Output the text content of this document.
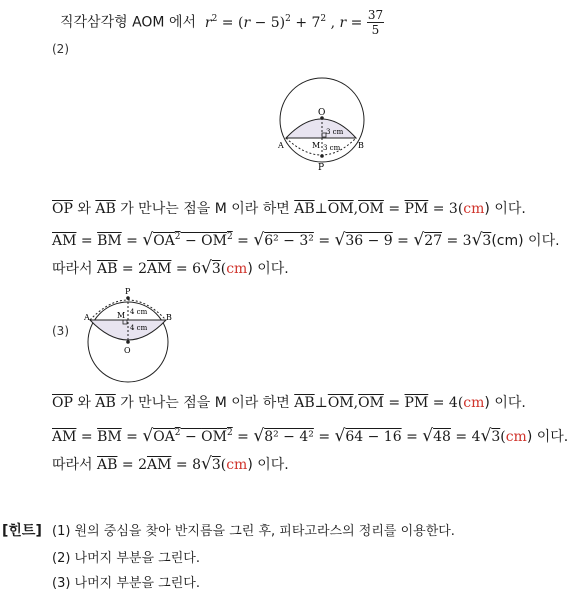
직각삼각형 AOM 에서 $r^2 = (r - 5)^2 + 7^2$ , $r = \frac{37}{5}$
(2)
O
A	B
M
P
3 cm
3 cm
$\overline{OP}$ 와 $\overline{AB}$ 가 만나는 점을 M 이라 하면 $\overline{AB}\perp\overline{OM},\overline{OM} = \overline{PM} = 3(cm)$ 이다.
$\overline{AM} = \overline{BM} = √OA^2 - OM^2 = √6^2 - 3^2 = √36 - 9 = √27 = 3√3(cm)$ 이다.
따라서 $\overline{AB} = 2\overline{AM} = 6√3(cm)$ 이다.
(3)
P
A	B
M
O
4 cm
4 cm
$\overline{OP}$ 와 $\overline{AB}$ 가 만나는 점을 M 이라 하면 $\overline{AB}\perp\overline{OM},\overline{OM} = \overline{PM} = 4(cm)$ 이다.
$\overline{AM} = \overline{BM} = √OA^2 - OM^2 = √8^2 - 4^2 = √64 - 16 = √48 = 4√3(cm)$ 이다.
따라서 $\overline{AB} = 2\overline{AM} = 8√3(cm)$ 이다.
[힌트] (1) 원의 중심을 찾아 반지름을 그린 후, 피타고라스의 정리를 이용한다.
(2) 나머지 부분을 그린다.
(3) 나머지 부분을 그린다.
